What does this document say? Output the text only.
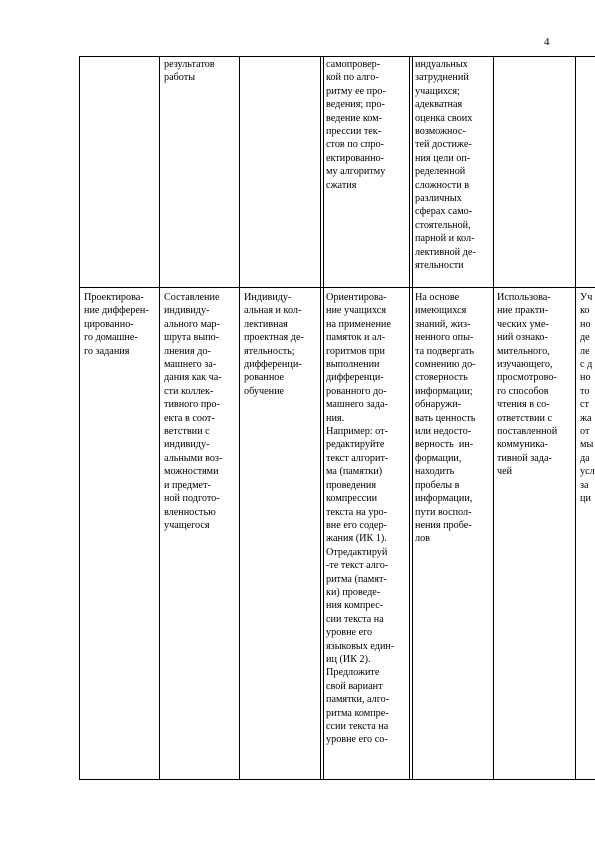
4
результатов
работы
самопровер-
кой по алго-
ритму ее про-
ведения; про-
ведение ком-
прессии тек-
стов по спро-
ектированно-
му алгоритму
сжатия
индуальных
затруднений
учащихся;
адекватная
оценка своих
возможнос-
тей достиже-
ния цели оп-
ределенной
сложности в
различных
сферах само-
стоятельной,
парной и кол-
лективной де-
ятельности
Проектирова-
ние дифферен-
цированно-
го домашне-
го задания
Составление
индивиду-
ального мар-
шрута выпо-
лнения до-
машнего за-
дания как ча-
сти коллек-
тивного про-
екта в соот-
ветствии с
индивиду-
альными воз-
можностями
и предмет-
ной подгото-
вленностью
учащегося
Индивиду-
альная и кол-
лективная
проектная де-
ятельность;
дифференци-
рованное
обучение
Ориентирова-
ние учащихся
на применение
памяток и ал-
горитмов при
выполнении
дифференци-
рованного до-
машнего зада-
ния.
Например: от-
редактируйте
текст алгорит-
ма (памятки)
проведения
компрессии
текста на уро-
вне его содер-
жания (ИК 1).
Отредактируй
-те текст алго-
ритма (памят-
ки) проведе-
ния компрес-
сии текста на
уровне его
языковых един-
иц (ИК 2).
Предложите
свой вариант
памятки, алго-
ритма компре-
ссии текста на
уровне его со-
На основе
имеющихся
знаний, жиз-
ненного опы-
та подвергать
сомнению до-
стоверность
информации;
обнаружи-
вать ценность
или недосто-
верность  ин-
формации,
находить
пробелы в
информации,
пути воспол-
нения пробе-
лов
Использова-
ние практи-
ческих уме-
ний ознако-
мительного,
изучающего,
просмотрово-
го способов
чтения в со-
ответствии с
поставленной
коммуника-
тивной зада-
чей
Уч
ко
но
де
ле
с д
но
то
ст
жа
от
мы
да
усл
за
ци
